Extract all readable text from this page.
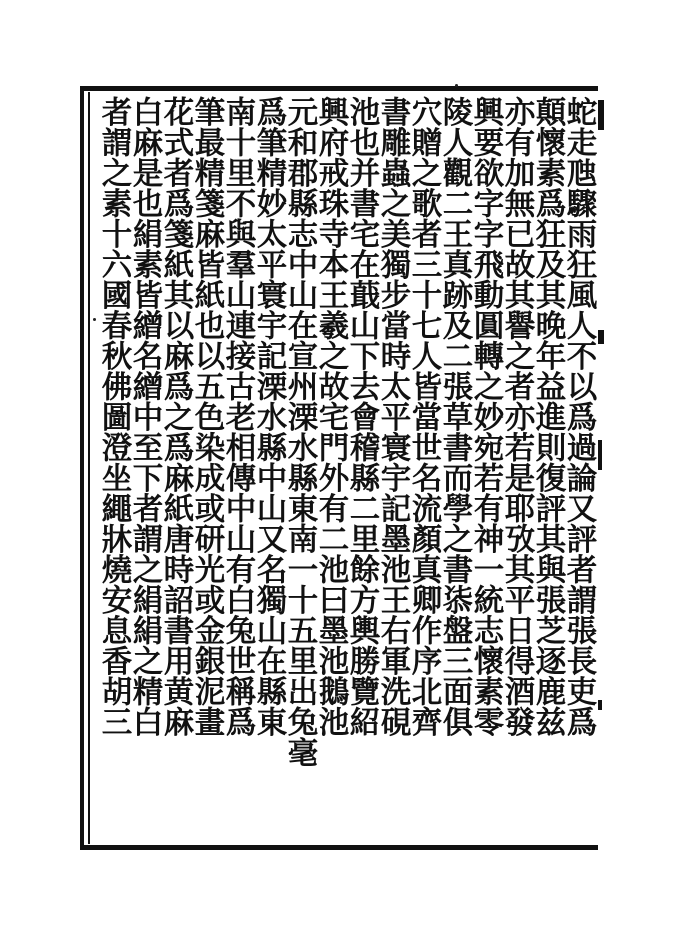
蛇走虺驟雨狂風人不以爲過論又評者謂張長吏爲
顛懷素爲狂及其晚年益進則復評其與張芝逐鹿兹
亦有加無已故其譽之者亦若是耶攷其平日得酒發
興要欲字字飛動圓轉之妙宛若有神一統志懷素零
陵人觀二王真跡及二張草書而學之書㓒盤三面俱
穴贈之歌者三十七人皆當世名流顏真卿作序北齊
書雕蟲之美獨步當時太平寰宇記墨池王右軍洗硯
池也并書宅在蕺山下去會稽縣二里餘方輿勝覽紹
興府戒珠寺本王羲之故宅門外有二池曰墨池鵝池
元和郡縣志中山在宣州溧水縣東南一十五里出兔毫
爲筆精妙太平寰宇記溧水縣中山又名獨山在縣東
南十里不與羣山連接古老相傳中山有白兔世稱爲
筆最精箋麻皆紙也以五色染成或研光或金銀泥畫
花式者爲箋紙其以麻爲之爲麻紙唐時詔書用黄麻
白麻是也絹素皆繒名繒中至下者謂之絹絹之精白
者謂之素十六國春秋佛圖澄坐繩牀燒安息香胡三
